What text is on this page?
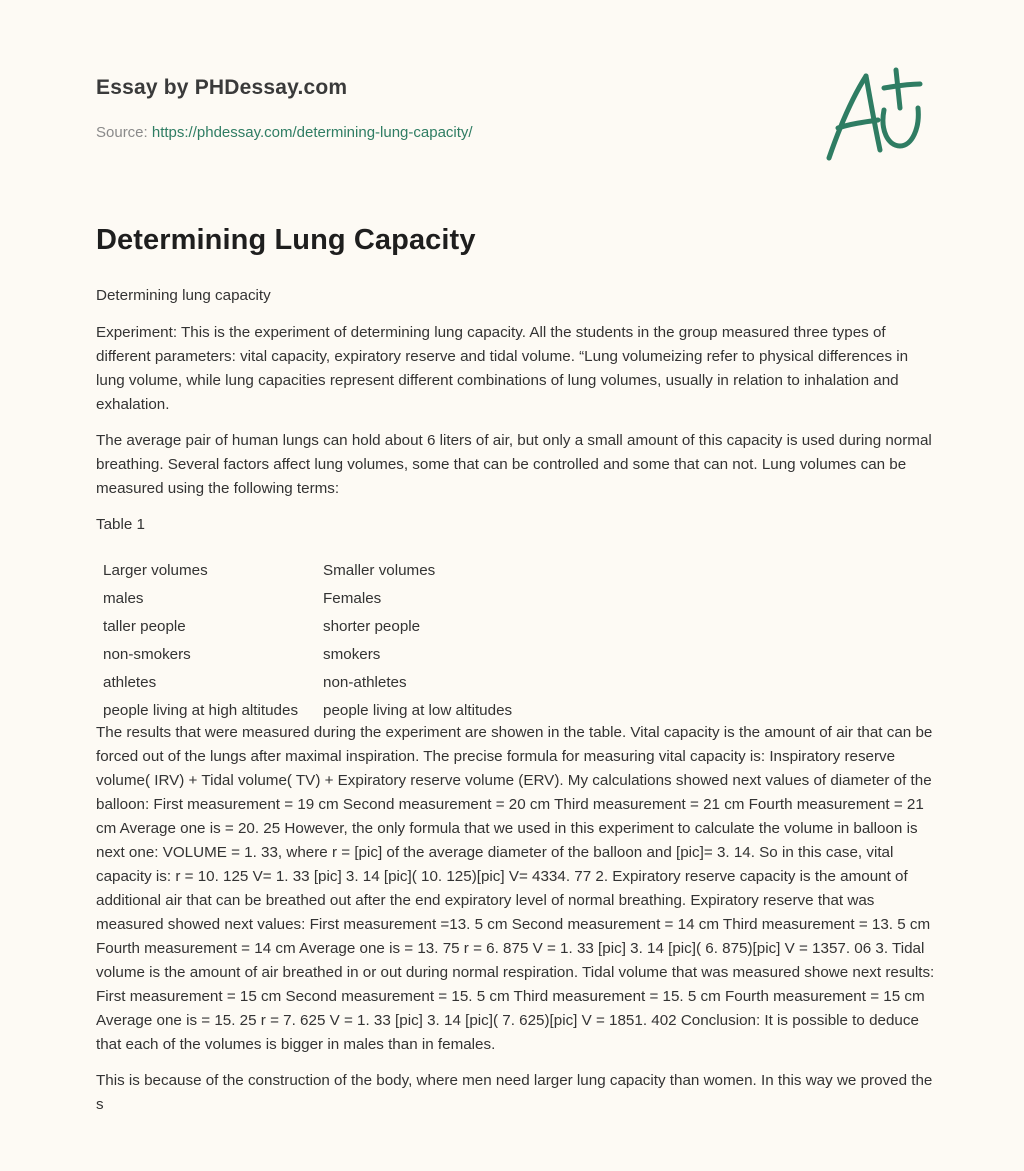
Essay by PHDessay.com
Source: https://phdessay.com/determining-lung-capacity/
Determining Lung Capacity

Determining lung capacity

Experiment: This is the experiment of determining lung capacity. All the students in the group measured three types of different parameters: vital capacity, expiratory reserve and tidal volume. “Lung volumeizing refer to physical differences in lung volume, while lung capacities represent different combinations of lung volumes, usually in relation to inhalation and exhalation.

The average pair of human lungs can hold about 6 liters of air, but only a small amount of this capacity is used during normal breathing. Several factors affect lung volumes, some that can be controlled and some that can not. Lung volumes can be measured using the following terms:

Table 1

Larger volumes	Smaller volumes
males	Females
taller people	shorter people
non-smokers	smokers
athletes	non-athletes
people living at high altitudes	people living at low altitudes

The results that were measured during the experiment are showen in the table. Vital capacity is the amount of air that can be forced out of the lungs after maximal inspiration. The precise formula for measuring vital capacity is: Inspiratory reserve volume( IRV) + Tidal volume( TV) + Expiratory reserve volume (ERV). My calculations showed next values of diameter of the balloon: First measurement = 19 cm Second measurement = 20 cm Third measurement = 21 cm Fourth measurement = 21 cm Average one is = 20. 25 However, the only formula that we used in this experiment to calculate the volume in balloon is next one: VOLUME = 1. 33, where r = [pic] of the average diameter of the balloon and [pic]= 3. 14. So in this case, vital capacity is: r = 10. 125 V= 1. 33 [pic] 3. 14 [pic]( 10. 125)[pic] V= 4334. 77 2. Expiratory reserve capacity is the amount of additional air that can be breathed out after the end expiratory level of normal breathing. Expiratory reserve that was measured showed next values: First measurement =13. 5 cm Second measurement = 14 cm Third measurement = 13. 5 cm Fourth measurement = 14 cm Average one is = 13. 75 r = 6. 875 V = 1. 33 [pic] 3. 14 [pic]( 6. 875)[pic] V = 1357. 06 3. Tidal volume is the amount of air breathed in or out during normal respiration. Tidal volume that was measured showe next results: First measurement = 15 cm Second measurement = 15. 5 cm Third measurement = 15. 5 cm Fourth measurement = 15 cm Average one is = 15. 25 r = 7. 625 V = 1. 33 [pic] 3. 14 [pic]( 7. 625)[pic] V = 1851. 402 Conclusion: It is possible to deduce that each of the volumes is bigger in males than in females.

This is because of the construction of the body, where men need larger lung capacity than women. In this way we proved the s
